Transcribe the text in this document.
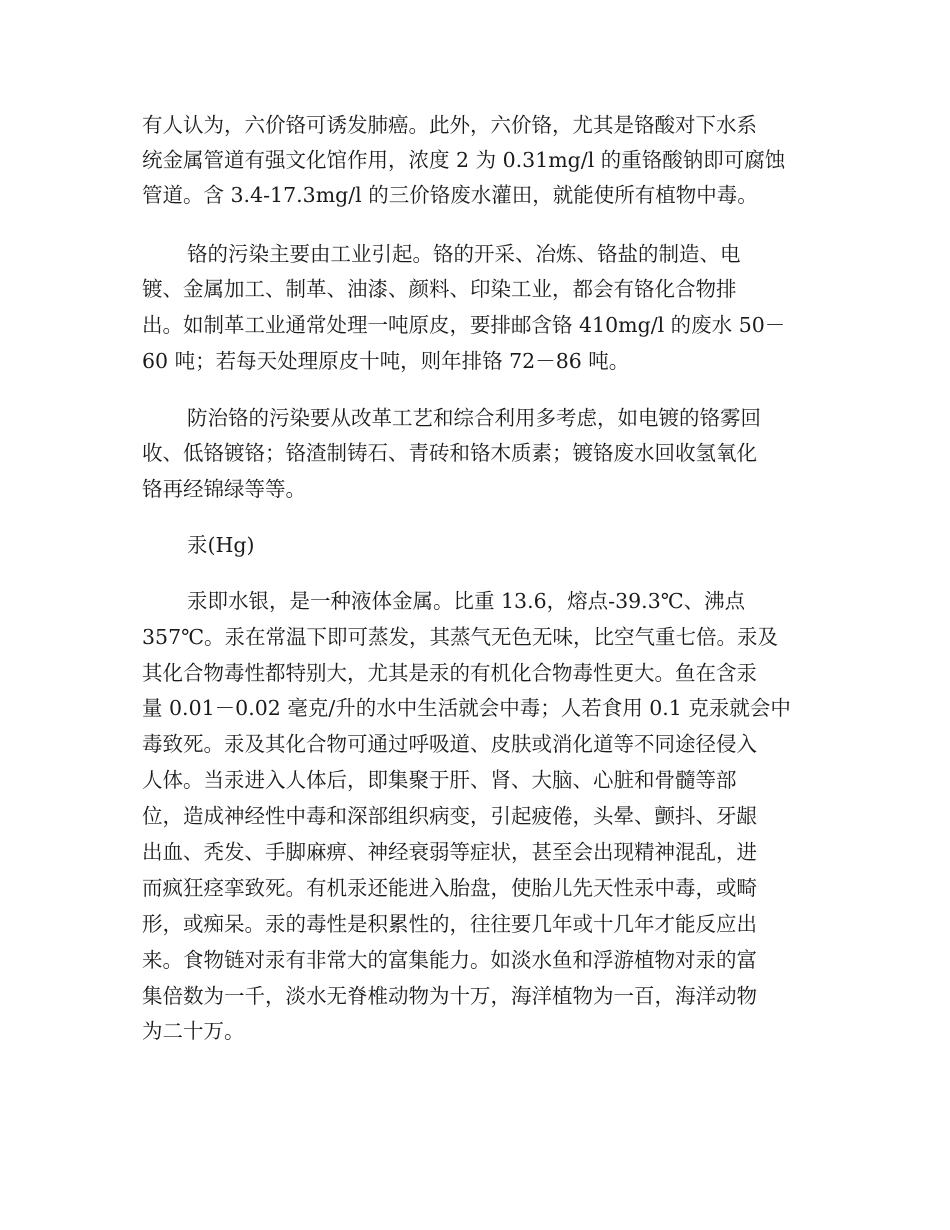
有人认为，六价铬可诱发肺癌。此外，六价铬，尤其是铬酸对下水系
统金属管道有强文化馆作用，浓度 2 为 0.31mg/l 的重铬酸钠即可腐蚀
管道。含 3.4-17.3mg/l 的三价铬废水灌田，就能使所有植物中毒。
铬的污染主要由工业引起。铬的开采、冶炼、铬盐的制造、电
镀、金属加工、制革、油漆、颜料、印染工业，都会有铬化合物排
出。如制革工业通常处理一吨原皮，要排邮含铬 410mg/l 的废水 50－
60 吨；若每天处理原皮十吨，则年排铬 72－86 吨。
防治铬的污染要从改革工艺和综合利用多考虑，如电镀的铬雾回
收、低铬镀铬；铬渣制铸石、青砖和铬木质素；镀铬废水回收氢氧化
铬再经锦绿等等。
汞(Hg)
汞即水银，是一种液体金属。比重 13.6，熔点-39.3℃、沸点
357℃。汞在常温下即可蒸发，其蒸气无色无味，比空气重七倍。汞及
其化合物毒性都特别大，尤其是汞的有机化合物毒性更大。鱼在含汞
量 0.01－0.02 毫克/升的水中生活就会中毒；人若食用 0.1 克汞就会中
毒致死。汞及其化合物可通过呼吸道、皮肤或消化道等不同途径侵入
人体。当汞进入人体后，即集聚于肝、肾、大脑、心脏和骨髓等部
位，造成神经性中毒和深部组织病变，引起疲倦，头晕、颤抖、牙龈
出血、秃发、手脚麻痹、神经衰弱等症状，甚至会出现精神混乱，进
而疯狂痉挛致死。有机汞还能进入胎盘，使胎儿先天性汞中毒，或畸
形，或痴呆。汞的毒性是积累性的，往往要几年或十几年才能反应出
来。食物链对汞有非常大的富集能力。如淡水鱼和浮游植物对汞的富
集倍数为一千，淡水无脊椎动物为十万，海洋植物为一百，海洋动物
为二十万。
